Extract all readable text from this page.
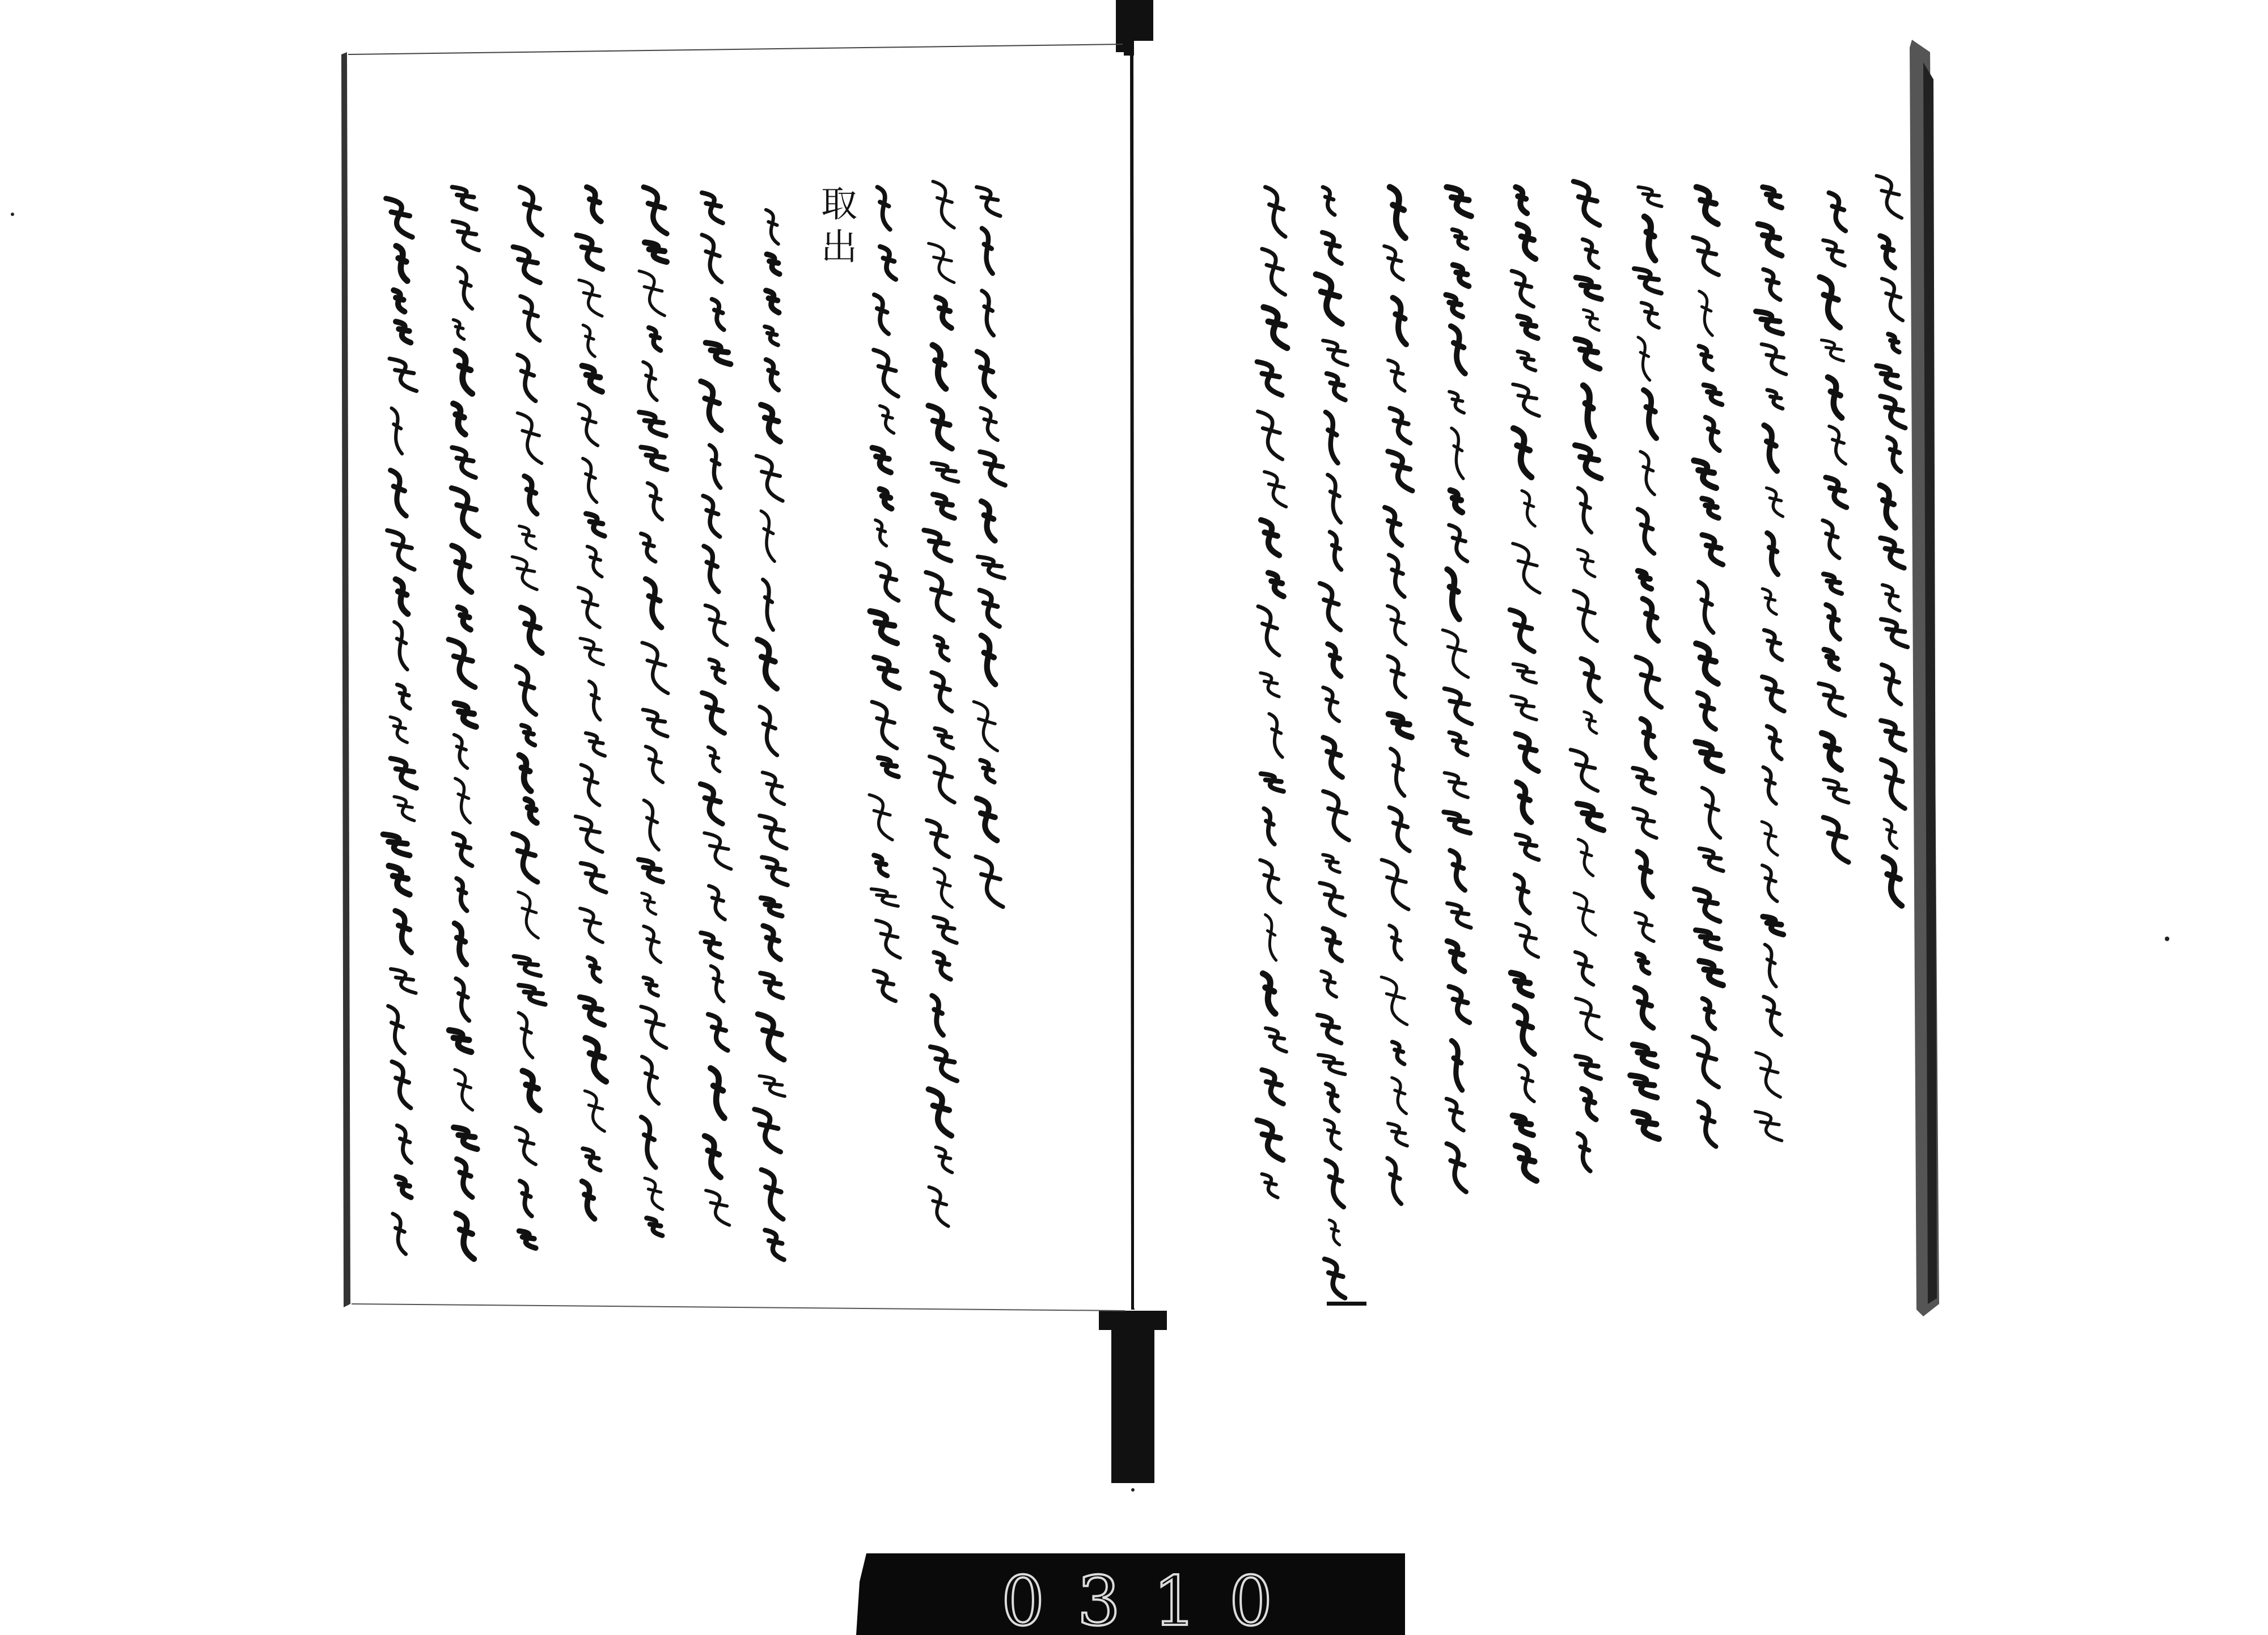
取
出
0 3 1 0
